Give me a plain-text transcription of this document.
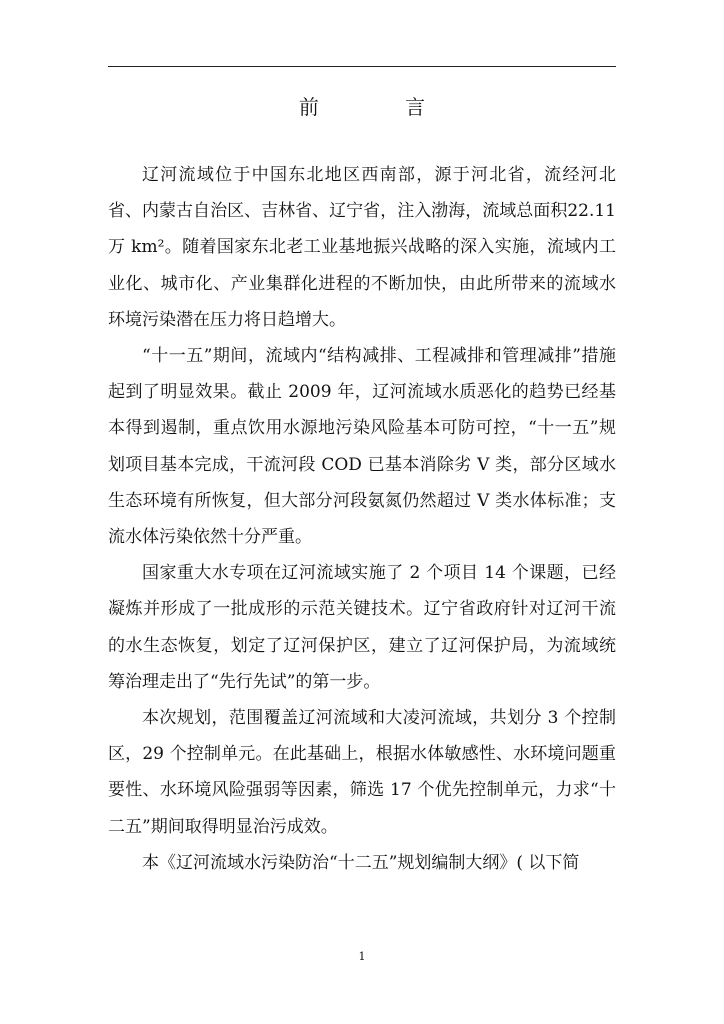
前 言

辽河流域位于中国东北地区西南部，源于河北省，流经河北省、内蒙古自治区、吉林省、辽宁省，注入渤海，流域总面积22.11 万 km²。随着国家东北老工业基地振兴战略的深入实施，流域内工业化、城市化、产业集群化进程的不断加快，由此所带来的流域水环境污染潜在压力将日趋增大。

“十一五”期间，流域内“结构减排、工程减排和管理减排”措施起到了明显效果。截止 2009 年，辽河流域水质恶化的趋势已经基本得到遏制，重点饮用水源地污染风险基本可防可控，“十一五”规划项目基本完成，干流河段 COD 已基本消除劣 V 类，部分区域水生态环境有所恢复，但大部分河段氨氮仍然超过 V 类水体标准；支流水体污染依然十分严重。

国家重大水专项在辽河流域实施了 2 个项目 14 个课题，已经凝炼并形成了一批成形的示范关键技术。辽宁省政府针对辽河干流的水生态恢复，划定了辽河保护区，建立了辽河保护局，为流域统筹治理走出了“先行先试”的第一步。

本次规划，范围覆盖辽河流域和大凌河流域，共划分 3 个控制区，29 个控制单元。在此基础上，根据水体敏感性、水环境问题重要性、水环境风险强弱等因素，筛选 17 个优先控制单元，力求“十二五”期间取得明显治污成效。

本《辽河流域水污染防治“十二五”规划编制大纲》( 以下简

1
